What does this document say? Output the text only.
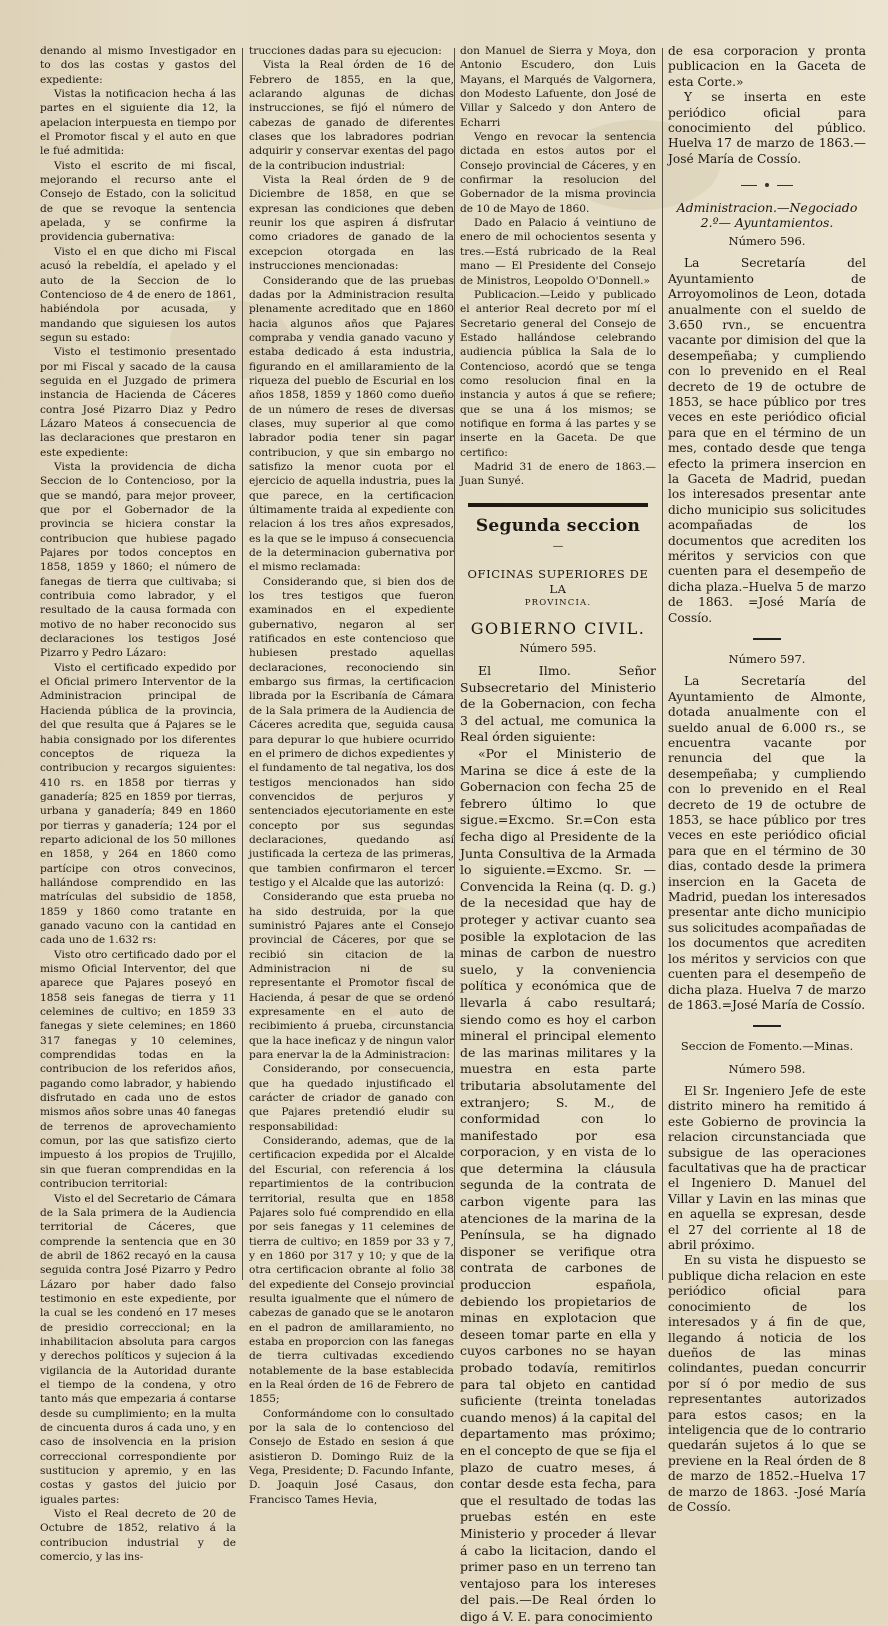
denando al mismo Investigador en to dos las costas y gastos del expediente:

Vistas la notificacion hecha á las partes en el siguiente dia 12, la apelacion interpuesta en tiempo por el Promotor fiscal y el auto en que le fué admitida:

Visto el escrito de mi fiscal, mejorando el recurso ante el Consejo de Estado, con la solicitud de que se revoque la sentencia apelada, y se confirme la providencia gubernativa:

Visto el en que dicho mi Fiscal acusó la rebeldía, el apelado y el auto de la Seccion de lo Contencioso de 4 de enero de 1861, habiéndola por acusada, y mandando que siguiesen los autos segun su estado:

Visto el testimonio presentado por mi Fiscal y sacado de la causa seguida en el Juzgado de primera instancia de Hacienda de Cáceres contra José Pizarro Diaz y Pedro Lázaro Mateos á consecuencia de las declaraciones que prestaron en este expediente:

Vista la providencia de dicha Seccion de lo Contencioso, por la que se mandó, para mejor proveer, que por el Gobernador de la provincia se hiciera constar la contribucion que hubiese pagado Pajares por todos conceptos en 1858, 1859 y 1860; el número de fanegas de tierra que cultivaba; si contribuia como labrador, y el resultado de la causa formada con motivo de no haber reconocido sus declaraciones los testigos José Pizarro y Pedro Lázaro:

Visto el certificado expedido por el Oficial primero Interventor de la Administracion principal de Hacienda pública de la provincia, del que resulta que á Pajares se le habia consignado por los diferentes conceptos de riqueza la contribucion y recargos siguientes: 410 rs. en 1858 por tierras y ganadería; 825 en 1859 por tierras, urbana y ganadería; 849 en 1860 por tierras y ganadería; 124 por el reparto adicional de los 50 millones en 1858, y 264 en 1860 como partícipe con otros convecinos, hallándose comprendido en las matrículas del subsidio de 1858, 1859 y 1860 como tratante en ganado vacuno con la cantidad en cada uno de 1.632 rs:

Visto otro certificado dado por el mismo Oficial Interventor, del que aparece que Pajares poseyó en 1858 seis fanegas de tierra y 11 celemines de cultivo; en 1859 33 fanegas y siete celemines; en 1860 317 fanegas y 10 celemines, comprendidas todas en la contribucion de los referidos años, pagando como labrador, y habiendo disfrutado en cada uno de estos mismos años sobre unas 40 fanegas de terrenos de aprovechamiento comun, por las que satisfizo cierto impuesto á los propios de Trujillo, sin que fueran comprendidas en la contribucion territorial:

Visto el del Secretario de Cámara de la Sala primera de la Audiencia territorial de Cáceres, que comprende la sentencia que en 30 de abril de 1862 recayó en la causa seguida contra José Pizarro y Pedro Lázaro por haber dado falso testimonio en este expediente, por la cual se les condenó en 17 meses de presidio correccional; en la inhabilitacion absoluta para cargos y derechos políticos y sujecion á la vigilancia de la Autoridad durante el tiempo de la condena, y otro tanto más que empezaria á contarse desde su cumplimiento; en la multa de cincuenta duros á cada uno, y en caso de insolvencia en la prision correccional correspondiente por sustitucion y apremio, y en las costas y gastos del juicio por iguales partes:

Visto el Real decreto de 20 de Octubre de 1852, relativo á la contribucion industrial y de comercio, y las ins-

trucciones dadas para su ejecucion:

Vista la Real órden de 16 de Febrero de 1855, en la que, aclarando algunas de dichas instrucciones, se fijó el número de cabezas de ganado de diferentes clases que los labradores podrian adquirir y conservar exentas del pago de la contribucion industrial:

Vista la Real órden de 9 de Diciembre de 1858, en que se expresan las condiciones que deben reunir los que aspiren á disfrutar como criadores de ganado de la excepcion otorgada en las instrucciones mencionadas:

Considerando que de las pruebas dadas por la Administracion resulta plenamente acreditado que en 1860 hacia algunos años que Pajares compraba y vendia ganado vacuno y estaba dedicado á esta industria, figurando en el amillaramiento de la riqueza del pueblo de Escurial en los años 1858, 1859 y 1860 como dueño de un número de reses de diversas clases, muy superior al que como labrador podia tener sin pagar contribucion, y que sin embargo no satisfizo la menor cuota por el ejercicio de aquella industria, pues la que parece, en la certificacion últimamente traida al expediente con relacion á los tres años expresados, es la que se le impuso á consecuencia de la determinacion gubernativa por el mismo reclamada:

Considerando que, si bien dos de los tres testigos que fueron examinados en el expediente gubernativo, negaron al ser ratificados en este contencioso que hubiesen prestado aquellas declaraciones, reconociendo sin embargo sus firmas, la certificacion librada por la Escribanía de Cámara de la Sala primera de la Audiencia de Cáceres acredita que, seguida causa para depurar lo que hubiere ocurrido en el primero de dichos expedientes y el fundamento de tal negativa, los dos testigos mencionados han sido convencidos de perjuros y sentenciados ejecutoriamente en este concepto por sus segundas declaraciones, quedando así justificada la certeza de las primeras, que tambien confirmaron el tercer testigo y el Alcalde que las autorizó:

Considerando que esta prueba no ha sido destruida, por la que suministró Pajares ante el Consejo provincial de Cáceres, por que se recibió sin citacion de la Administracion ni de su representante el Promotor fiscal de Hacienda, á pesar de que se ordenó expresamente en el auto de recibimiento á prueba, circunstancia que la hace ineficaz y de ningun valor para enervar la de la Administracion:

Considerando, por consecuencia, que ha quedado injustificado el carácter de criador de ganado con que Pajares pretendió eludir su responsabilidad:

Considerando, ademas, que de la certificacion expedida por el Alcalde del Escurial, con referencia á los repartimientos de la contribucion territorial, resulta que en 1858 Pajares solo fué comprendido en ella por seis fanegas y 11 celemines de tierra de cultivo; en 1859 por 33 y 7, y en 1860 por 317 y 10; y que de la otra certificacion obrante al folio 38 del expediente del Consejo provincial resulta igualmente que el número de cabezas de ganado que se le anotaron en el padron de amillaramiento, no estaba en proporcion con las fanegas de tierra cultivadas excediendo notablemente de la base establecida en la Real órden de 16 de Febrero de 1855;

Conformándome con lo consultado por la sala de lo contencioso del Consejo de Estado en sesion á que asistieron D. Domingo Ruiz de la Vega, Presidente; D. Facundo Infante, D. Joaquin José Casaus, don Francisco Tames Hevia,

don Manuel de Sierra y Moya, don Antonio Escudero, don Luis Mayans, el Marqués de Valgornera, don Modesto Lafuente, don José de Villar y Salcedo y don Antero de Echarri

Vengo en revocar la sentencia dictada en estos autos por el Consejo provincial de Cáceres, y en confirmar la resolucion del Gobernador de la misma provincia de 10 de Mayo de 1860.

Dado en Palacio á veintiuno de enero de mil ochocientos sesenta y tres.—Está rubricado de la Real mano — El Presidente del Consejo de Ministros, Leopoldo O'Donnell.»

Publicacion.—Leido y publicado el anterior Real decreto por mí el Secretario general del Consejo de Estado hallándose celebrando audiencia pública la Sala de lo Contencioso, acordó que se tenga como resolucion final en la instancia y autos á que se refiere; que se una á los mismos; se notifique en forma á las partes y se inserte en la Gaceta. De que certifico:

Madrid 31 de enero de 1863.—Juan Sunyé.

Segunda seccion
—
OFICINAS SUPERIORES DE LA
PROVINCIA.
GOBIERNO CIVIL.
Número 595.

El Ilmo. Señor Subsecretario del Ministerio de la Gobernacion, con fecha 3 del actual, me comunica la Real órden siguiente:

«Por el Ministerio de Marina se dice á este de la Gobernacion con fecha 25 de febrero último lo que sigue.=Excmo. Sr.=Con esta fecha digo al Presidente de la Junta Consultiva de la Armada lo siguiente.=Excmo. Sr. —Convencida la Reina (q. D. g.) de la necesidad que hay de proteger y activar cuanto sea posible la explotacion de las minas de carbon de nuestro suelo, y la conveniencia política y económica que de llevarla á cabo resultará; siendo como es hoy el carbon mineral el principal elemento de las marinas militares y la muestra en esta parte tributaria absolutamente del extranjero; S. M., de conformidad con lo manifestado por esa corporacion, y en vista de lo que determina la cláusula segunda de la contrata de carbon vigente para las atenciones de la marina de la Península, se ha dignado disponer se verifique otra contrata de carbones de produccion española, debiendo los propietarios de minas en explotacion que deseen tomar parte en ella y cuyos carbones no se hayan probado todavía, remitirlos para tal objeto en cantidad suficiente (treinta toneladas cuando menos) á la capital del departamento mas próximo; en el concepto de que se fija el plazo de cuatro meses, á contar desde esta fecha, para que el resultado de todas las pruebas estén en este Ministerio y proceder á llevar á cabo la licitacion, dando el primer paso en un terreno tan ventajoso para los intereses del pais.—De Real órden lo digo á V. E. para conocimiento

de esa corporacion y pronta publicacion en la Gaceta de esta Corte.»

Y se inserta en este periódico oficial para conocimiento del público. Huelva 17 de marzo de 1863.—José María de Cossío.

Administracion.—Negociado 2.º— Ayuntamientos.
Número 596.

La Secretaría del Ayuntamiento de Arroyomolinos de Leon, dotada anualmente con el sueldo de 3.650 rvn., se encuentra vacante por dimision del que la desempeñaba; y cumpliendo con lo prevenido en el Real decreto de 19 de octubre de 1853, se hace público por tres veces en este periódico oficial para que en el término de un mes, contado desde que tenga efecto la primera insercion en la Gaceta de Madrid, puedan los interesados presentar ante dicho municipio sus solicitudes acompañadas de los documentos que acrediten los méritos y servicios con que cuenten para el desempeño de dicha plaza.–Huelva 5 de marzo de 1863. =José María de Cossío.

Número 597.

La Secretaría del Ayuntamiento de Almonte, dotada anualmente con el sueldo anual de 6.000 rs., se encuentra vacante por renuncia del que la desempeñaba; y cumpliendo con lo prevenido en el Real decreto de 19 de octubre de 1853, se hace público por tres veces en este periódico oficial para que en el término de 30 dias, contado desde la primera insercion en la Gaceta de Madrid, puedan los interesados presentar ante dicho municipio sus solicitudes acompañadas de los documentos que acrediten los méritos y servicios con que cuenten para el desempeño de dicha plaza. Huelva 7 de marzo de 1863.=José María de Cossío.

Seccion de Fomento.—Minas.
Número 598.

El Sr. Ingeniero Jefe de este distrito minero ha remitido á este Gobierno de provincia la relacion circunstanciada que subsigue de las operaciones facultativas que ha de practicar el Ingeniero D. Manuel del Villar y Lavin en las minas que en aquella se expresan, desde el 27 del corriente al 18 de abril próximo.

En su vista he dispuesto se publique dicha relacion en este periódico oficial para conocimiento de los interesados y á fin de que, llegando á noticia de los dueños de las minas colindantes, puedan concurrir por sí ó por medio de sus representantes autorizados para estos casos; en la inteligencia que de lo contrario quedarán sujetos á lo que se previene en la Real órden de 8 de marzo de 1852.–Huelva 17 de marzo de 1863. -José María de Cossío.
